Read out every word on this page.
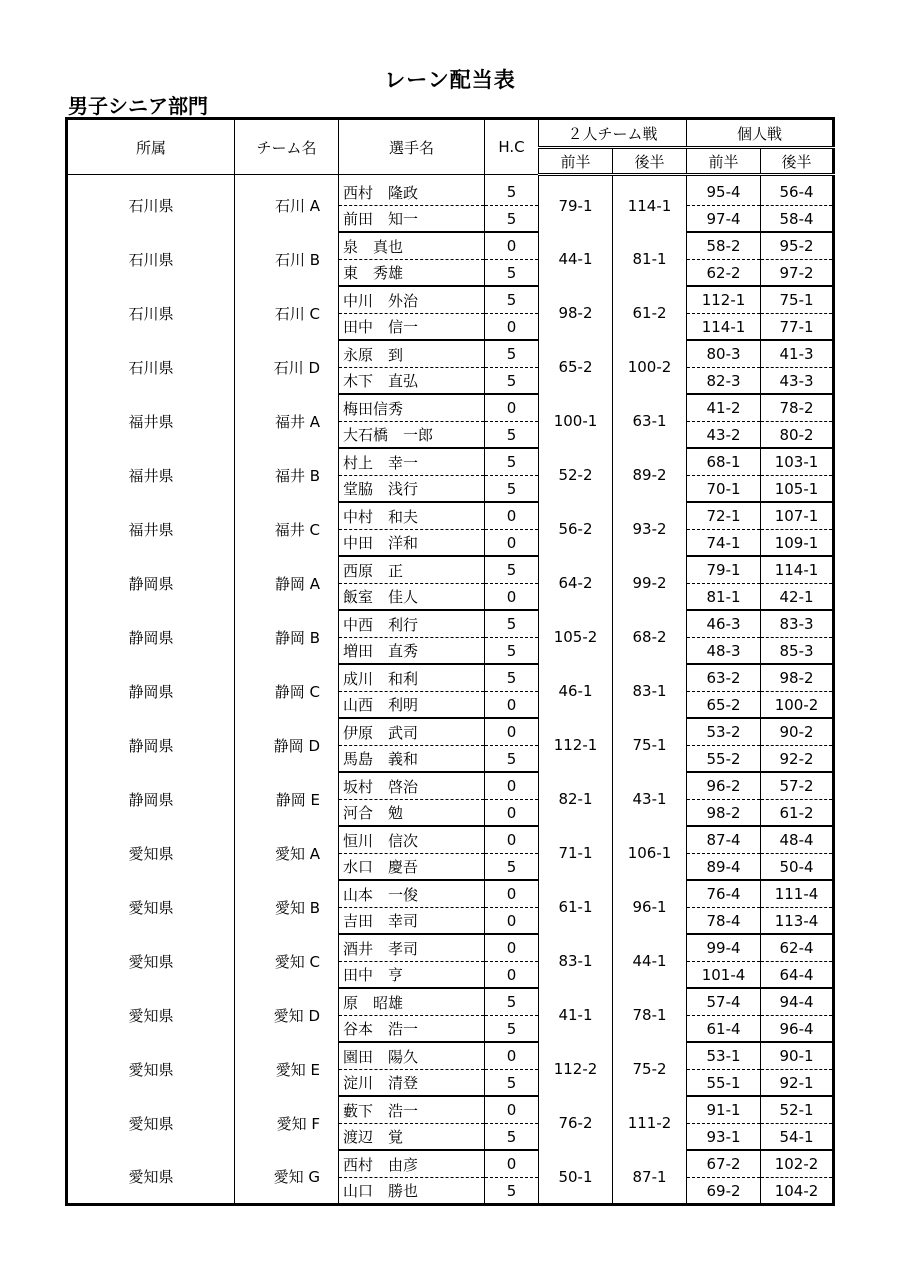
レーン配当表
男子シニア部門
所属	チーム名	選手名	H.C	２人チーム戦		個人戦	
				前半	後半	前半	後半

石川県	石川 A	西村　隆政	5	79-1	114-1	95-4	56-4
		前田　知一	5			97-4	58-4
石川県	石川 B	泉　真也	0	44-1	81-1	58-2	95-2
		東　秀雄	5			62-2	97-2
石川県	石川 C	中川　外治	5	98-2	61-2	112-1	75-1
		田中　信一	0			114-1	77-1
石川県	石川 D	永原　到	5	65-2	100-2	80-3	41-3
		木下　直弘	5			82-3	43-3
福井県	福井 A	梅田信秀	0	100-1	63-1	41-2	78-2
		大石橋　一郎	5			43-2	80-2
福井県	福井 B	村上　幸一	5	52-2	89-2	68-1	103-1
		堂脇　浅行	5			70-1	105-1
福井県	福井 C	中村　和夫	0	56-2	93-2	72-1	107-1
		中田　洋和	0			74-1	109-1
静岡県	静岡 A	西原　正	5	64-2	99-2	79-1	114-1
		飯室　佳人	0			81-1	42-1
静岡県	静岡 B	中西　利行	5	105-2	68-2	46-3	83-3
		増田　直秀	5			48-3	85-3
静岡県	静岡 C	成川　和利	5	46-1	83-1	63-2	98-2
		山西　利明	0			65-2	100-2
静岡県	静岡 D	伊原　武司	0	112-1	75-1	53-2	90-2
		馬島　義和	5			55-2	92-2
静岡県	静岡 E	坂村　啓治	0	82-1	43-1	96-2	57-2
		河合　勉	0			98-2	61-2
愛知県	愛知 A	恒川　信次	0	71-1	106-1	87-4	48-4
		水口　慶吾	5			89-4	50-4
愛知県	愛知 B	山本　一俊	0	61-1	96-1	76-4	111-4
		吉田　幸司	0			78-4	113-4
愛知県	愛知 C	酒井　孝司	0	83-1	44-1	99-4	62-4
		田中　亨	0			101-4	64-4
愛知県	愛知 D	原　昭雄	5	41-1	78-1	57-4	94-4
		谷本　浩一	5			61-4	96-4
愛知県	愛知 E	園田　陽久	0	112-2	75-2	53-1	90-1
		淀川　清登	5			55-1	92-1
愛知県	愛知 F	藪下　浩一	0	76-2	111-2	91-1	52-1
		渡辺　覚	5			93-1	54-1
愛知県	愛知 G	西村　由彦	0	50-1	87-1	67-2	102-2
		山口　勝也	5			69-2	104-2
